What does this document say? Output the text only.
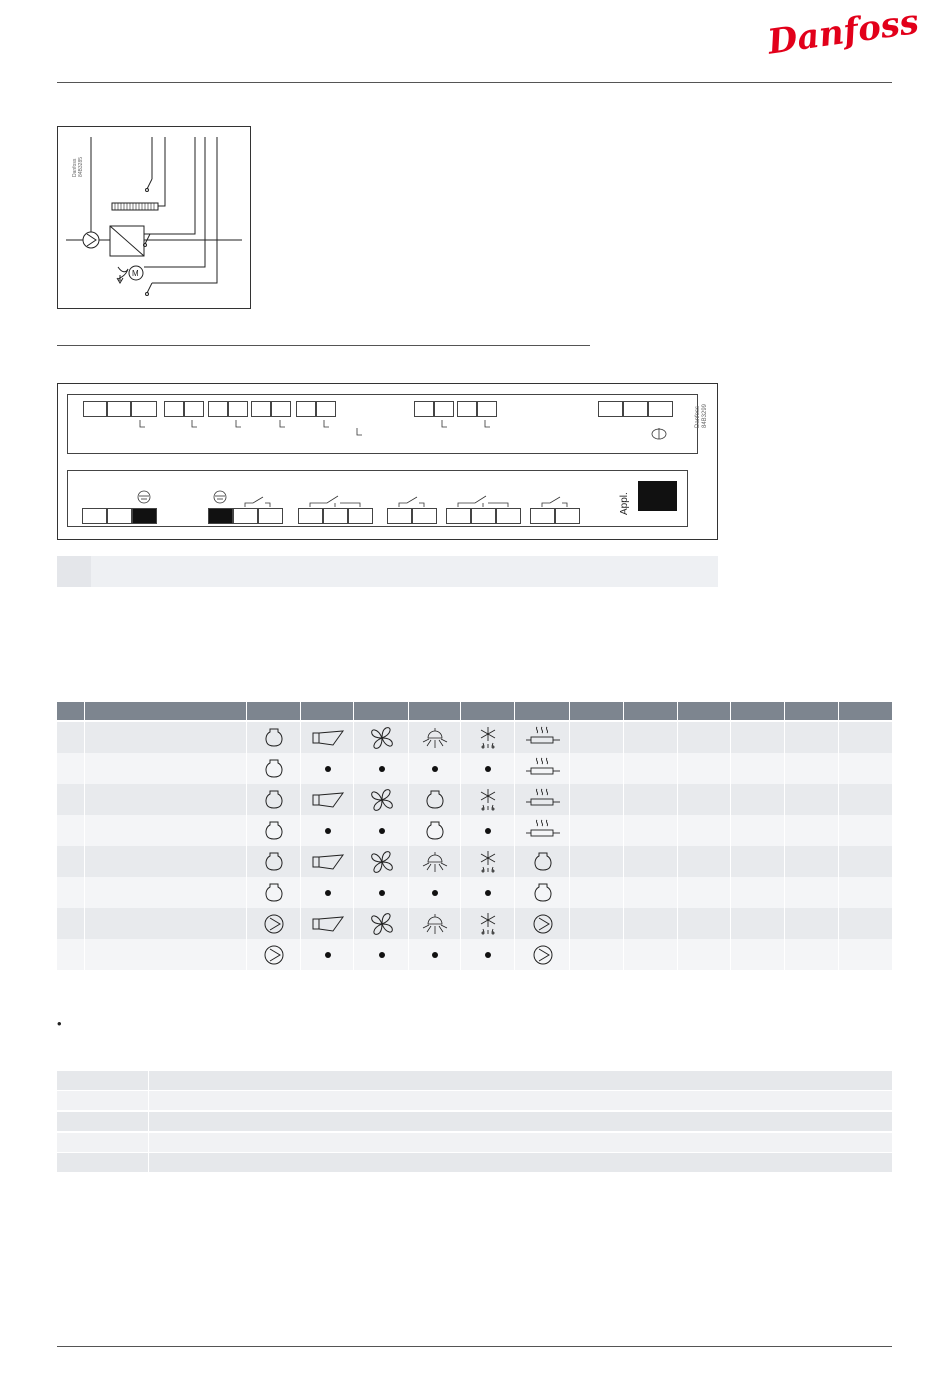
Danfoss
M
Danfoss
84B3285
Danfoss
84B3299
Appl.
•
